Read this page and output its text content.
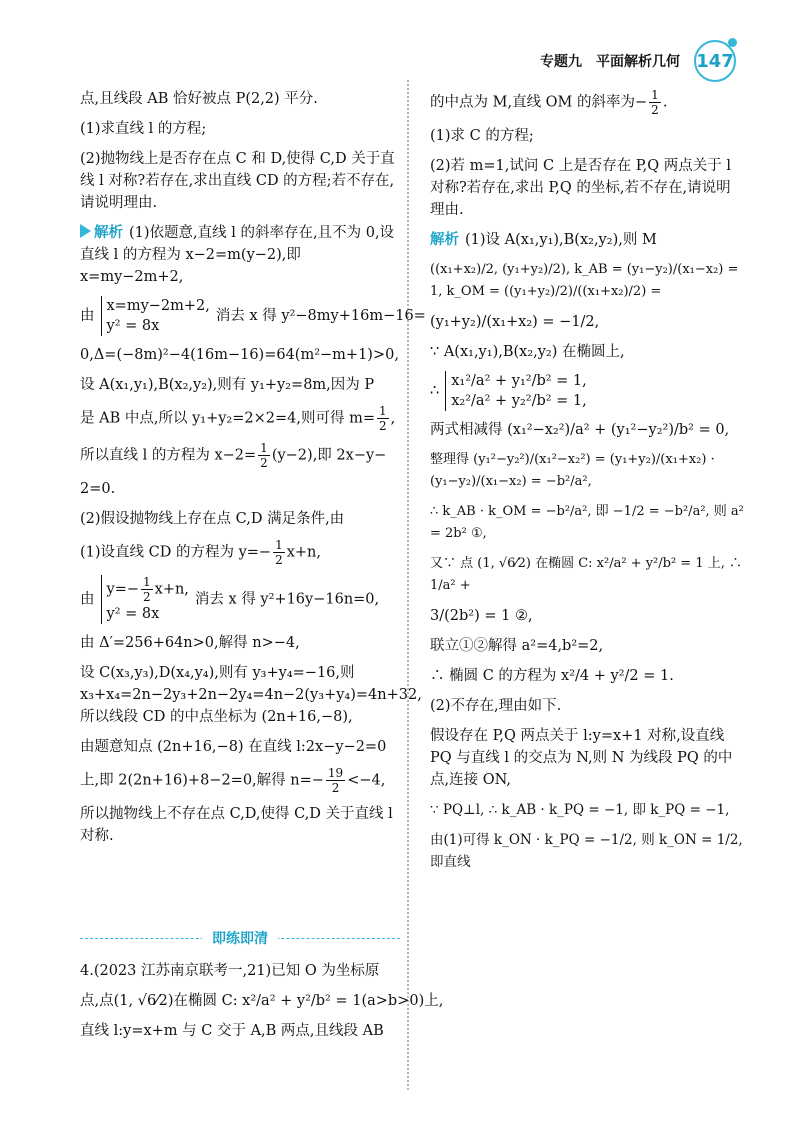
专题九　平面解析几何 147
点,且线段 AB 恰好被点 P(2,2) 平分.
(1)求直线 l 的方程;
(2)抛物线上是否存在点 C 和 D,使得 C,D 关于直线 l 对称?若存在,求出直线 CD 的方程;若不存在,请说明理由.
解析 (1)依题意,直线 l 的斜率存在,且不为 0,设直线 l 的方程为 x−2=m(y−2),即 x=my−2m+2,
由
x=my−2m+2,
y² = 8x
消去 x 得 y²−8my+16m−16=
0,Δ=(−8m)²−4(16m−16)=64(m²−m+1)>0,
设 A(x₁,y₁),B(x₂,y₂),则有 y₁+y₂=8m,因为 P
是 AB 中点,所以 y₁+y₂=2×2=4,则可得 $m= \frac{1}{2}$ ,
所以直线 l 的方程为 $x-2= \frac{1}{2} (y-2)$,即 2x−y−
2=0.
(2)假设抛物线上存在点 C,D 满足条件,由
(1)设直线 CD 的方程为 $y=- \frac{1}{2} x+n$,
由
$y=- \frac{1}{2} x+n$,
y² = 8x
消去 x 得 y²+16y−16n=0,
由 Δ′=256+64n>0,解得 n>−4,
设 C(x₃,y₃),D(x₄,y₄),则有 y₃+y₄=−16,则 x₃+x₄=2n−2y₃+2n−2y₄=4n−2(y₃+y₄)=4n+32,所以线段 CD 的中点坐标为 (2n+16,−8),
由题意知点 (2n+16,−8) 在直线 l:2x−y−2=0
上,即 2(2n+16)+8−2=0,解得 $n=- \frac{19}{2} <-4$,
所以抛物线上不存在点 C,D,使得 C,D 关于直线 l 对称.
即练即清
4.(2023 江苏南京联考一,21)已知 O 为坐标原
点,点(1, √6⁄2)在椭圆 C: x²/a² + y²/b² = 1(a>b>0)上,
直线 l:y=x+m 与 C 交于 A,B 两点,且线段 AB
的中点为 M,直线 OM 的斜率为− $\frac{1}{2}$ .
(1)求 C 的方程;
(2)若 m=1,试问 C 上是否存在 P,Q 两点关于 l 对称?若存在,求出 P,Q 的坐标,若不存在,请说明理由.
解析 (1)设 A(x₁,y₁),B(x₂,y₂),则 M
((x₁+x₂)/2, (y₁+y₂)/2), k_AB = (y₁−y₂)/(x₁−x₂) = 1, k_OM = ((y₁+y₂)/2)/((x₁+x₂)/2) =
(y₁+y₂)/(x₁+x₂) = −1/2,
∵ A(x₁,y₁),B(x₂,y₂) 在椭圆上,
∴
x₁²/a² + y₁²/b² = 1,
x₂²/a² + y₂²/b² = 1,
两式相减得 (x₁²−x₂²)/a² + (y₁²−y₂²)/b² = 0,
整理得 (y₁²−y₂²)/(x₁²−x₂²) = (y₁+y₂)/(x₁+x₂) · (y₁−y₂)/(x₁−x₂) = −b²/a²,
∴ k_AB · k_OM = −b²/a², 即 −1/2 = −b²/a², 则 a² = 2b² ①,
又∵ 点 (1, √6⁄2) 在椭圆 C: x²/a² + y²/b² = 1 上, ∴ 1/a² +
3/(2b²) = 1 ②,
联立①②解得 a²=4,b²=2,
∴ 椭圆 C 的方程为 x²/4 + y²/2 = 1.
(2)不存在,理由如下.
假设存在 P,Q 两点关于 l:y=x+1 对称,设直线 PQ 与直线 l 的交点为 N,则 N 为线段 PQ 的中点,连接 ON,
∵ PQ⊥l, ∴ k_AB · k_PQ = −1, 即 k_PQ = −1,
由(1)可得 k_ON · k_PQ = −1/2, 则 k_ON = 1/2, 即直线
